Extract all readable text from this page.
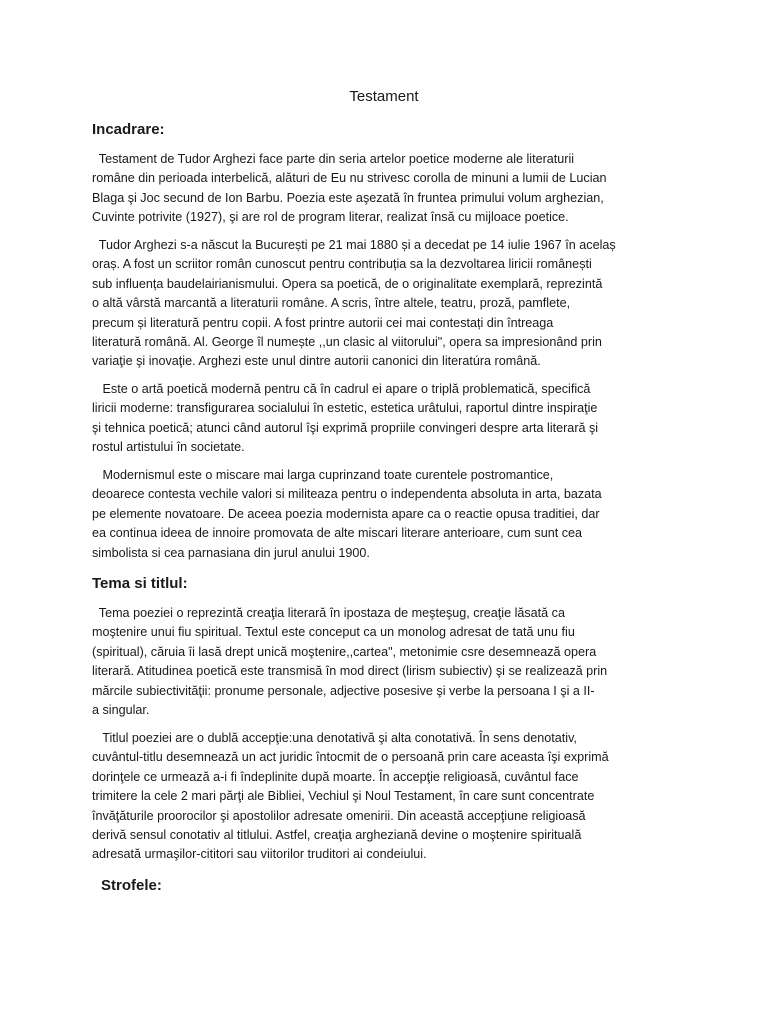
Testament
Incadrare:

Testament de Tudor Arghezi face parte din seria artelor poetice moderne ale literaturii
române din perioada interbelică, alături de Eu nu strivesc corolla de minuni a lumii de Lucian
Blaga şi Joc secund de Ion Barbu. Poezia este aşezată în fruntea primului volum arghezian,
Cuvinte potrivite (1927), şi are rol de program literar, realizat însă cu mijloace poetice.

Tudor Arghezi s-a născut la București pe 21 mai 1880 și a decedat pe 14 iulie 1967 în acelaș
oraș. A fost un scriitor român cunoscut pentru contribuția sa la dezvoltarea liricii românești
sub influența baudelairianismului. Opera sa poetică, de o originalitate exemplară, reprezintă
o altă vârstă marcantă a literaturii române. A scris, între altele, teatru, proză, pamflete,
precum și literatură pentru copii. A fost printre autorii cei mai contestați din întreaga
literatură română. Al. George îl numește ,,un clasic al viitorului", opera sa impresionând prin
variaţie şi inovaţie. Arghezi este unul dintre autorii canonici din literatúra română.

Este o artă poetică modernă pentru că în cadrul ei apare o triplă problematică, specifică
liricii moderne: transfigurarea socialului în estetic, estetica urâtului, raportul dintre inspiraţie
şi tehnica poetică; atunci când autorul îşi exprimă propriile convingeri despre arta literară şi
rostul artistului în societate.

Modernismul este o miscare mai larga cuprinzand toate curentele postromantice,
deoarece contesta vechile valori si militeaza pentru o independenta absoluta in arta, bazata
pe elemente novatoare. De aceea poezia modernista apare ca o reactie opusa traditiei, dar
ea continua ideea de innoire promovata de alte miscari literare anterioare, cum sunt cea
simbolista si cea parnasiana din jurul anului 1900.

Tema si titlul:

Tema poeziei o reprezintă creaţia literară în ipostaza de meşteşug, creaţie lăsată ca
moştenire unui fiu spiritual. Textul este conceput ca un monolog adresat de tată unu fiu
(spiritual), căruia îi lasă drept unică moştenire,,cartea", metonimie csre desemnează opera
literară. Atitudinea poetică este transmisă în mod direct (lirism subiectiv) şi se realizează prin
mărcile subiectivităţii: pronume personale, adjective posesive şi verbe la persoana I şi a II-
a singular.

Titlul poeziei are o dublă accepţie:una denotativă şi alta conotativă. În sens denotativ,
cuvântul-titlu desemnează un act juridic întocmit de o persoană prin care aceasta îşi exprimă
dorinţele ce urmează a-i fi îndeplinite după moarte. În accepţie religioasă, cuvântul face
trimitere la cele 2 mari părţi ale Bibliei, Vechiul şi Noul Testament, în care sunt concentrate
învăţăturile proorocilor şi apostolilor adresate omenirii. Din această accepţiune religioasă
derivă sensul conotativ al titlului. Astfel, creaţia argheziană devine o moştenire spirituală
adresată urmaşilor-cititori sau viitorilor truditori ai condeiului.

Strofele:
